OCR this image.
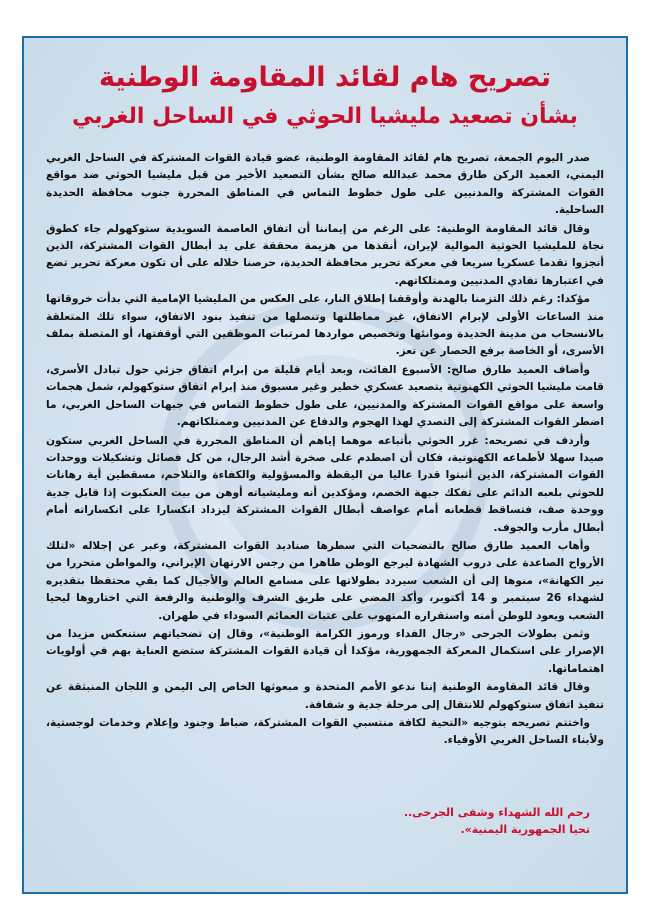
تصريح هام لقائد المقاومة الوطنية
بشأن تصعيد مليشيا الحوثي في الساحل الغربي

صدر اليوم الجمعة، تصريح هام لقائد المقاومة الوطنية، عضو قيادة القوات المشتركة في الساحل الغربي اليمني، العميد الركن طارق محمد عبدالله صالح بشأن التصعيد الأخير من قبل مليشيا الحوثي ضد مواقع القوات المشتركة والمدنيين على طول خطوط التماس في المناطق المحررة جنوب محافظة الحديدة الساحلية.

وقال قائد المقاومة الوطنية: على الرغم من إيماننا أن اتفاق العاصمة السويدية ستوكهولم جاء كطوق نجاة للمليشيا الحوثية الموالية لإيران، أنقذها من هزيمة محققة على يد أبطال القوات المشتركة، الذين أنجزوا تقدما عسكريا سريعا في معركة تحرير محافظة الحديدة، حرصنا خلاله على أن تكون معركة تحرير تضع في اعتبارها تفادي المدنيين وممتلكاتهم.

مؤكدا: رغم ذلك التزمنا بالهدنة وأوقفنا إطلاق النار، على العكس من المليشيا الإمامية التي بدأت خروقاتها منذ الساعات الأولى لإبرام الاتفاق، غير مماطلتها وتنصلها من تنفيذ بنود الاتفاق، سواء تلك المتعلقة بالانسحاب من مدينة الحديدة وموانئها وتخصيص مواردها لمرتبات الموظفين التي أوقفتها، أو المتصلة بملف الأسرى، أو الخاصة برفع الحصار عن تعز.

وأضاف العميد طارق صالح: الأسبوع الفائت، وبعد أيام قليلة من إبرام اتفاق جزئي حول تبادل الأسرى، قامت مليشيا الحوثي الكهنوتية بتصعيد عسكري خطير وغير مسبوق منذ إبرام اتفاق ستوكهولم، شمل هجمات واسعة على مواقع القوات المشتركة والمدنيين، على طول خطوط التماس في جبهات الساحل الغربي، ما اضطر القوات المشتركة إلى التصدي لهذا الهجوم والدفاع عن المدنيين وممتلكاتهم.

وأردف في تصريحه: غرر الحوثي بأتباعه موهما إياهم أن المناطق المحررة في الساحل الغربي ستكون صيدا سهلا لأطماعه الكهنوتية، فكان أن اصطدم على صخرة أشد الرجال، من كل فصائل وتشكيلات ووحدات القوات المشتركة، الذين أثبتوا قدرا عاليا من اليقظة والمسؤولية والكفاءة والتلاحم، مسقطين أية رهانات للحوثي بلعبه الدائم على تفكك جبهة الخصم، ومؤكدين أنه ومليشياته أوهن من بيت العنكبوت إذا قابل جدية ووحدة صف، فتساقط قطعانه أمام عواصف أبطال القوات المشتركة ليزداد انكسارا على انكساراته أمام أبطال مأرب والجوف.

وأهاب العميد طارق صالح بالتضحيات التي سطرها صناديد القوات المشتركة، وعبر عن إجلاله «لتلك الأرواح الصاعدة على دروب الشهادة ليرجع الوطن طاهرا من رجس الارتهان الإيراني، والمواطن متحررا من نير الكهانة»، منوها إلى أن الشعب سيردد بطولاتها على مسامع العالم والأجيال كما بقي محتفظا بتقديره لشهداء 26 سبتمبر و 14 أكتوبر، وأكد المضي على طريق الشرف والوطنية والرفعة التي اختاروها ليحيا الشعب ويعود للوطن أمنه واستقراره المنهوب على عتبات العمائم السوداء في طهران.

وثمن بطولات الجرحى «رجال الفداء ورموز الكرامة الوطنية»، وقال إن تضحياتهم ستنعكس مزيدا من الإصرار على استكمال المعركة الجمهورية، مؤكدا أن قيادة القوات المشتركة ستضع العناية بهم في أولويات اهتماماتها.

وقال قائد المقاومة الوطنية إننا ندعو الأمم المتحدة و مبعوثها الخاص إلى اليمن و اللجان المنبثقة عن تنفيذ اتفاق ستوكهولم للانتقال إلى مرحلة جدية و شفافة.

واختتم تصريحه بتوجيه «التحية لكافة منتسبي القوات المشتركة، ضباط وجنود وإعلام وخدمات لوجستية، ولأبناء الساحل الغربي الأوفياء.

رحم الله الشهداء وشفى الجرحى..
تحيا الجمهورية اليمنية».
